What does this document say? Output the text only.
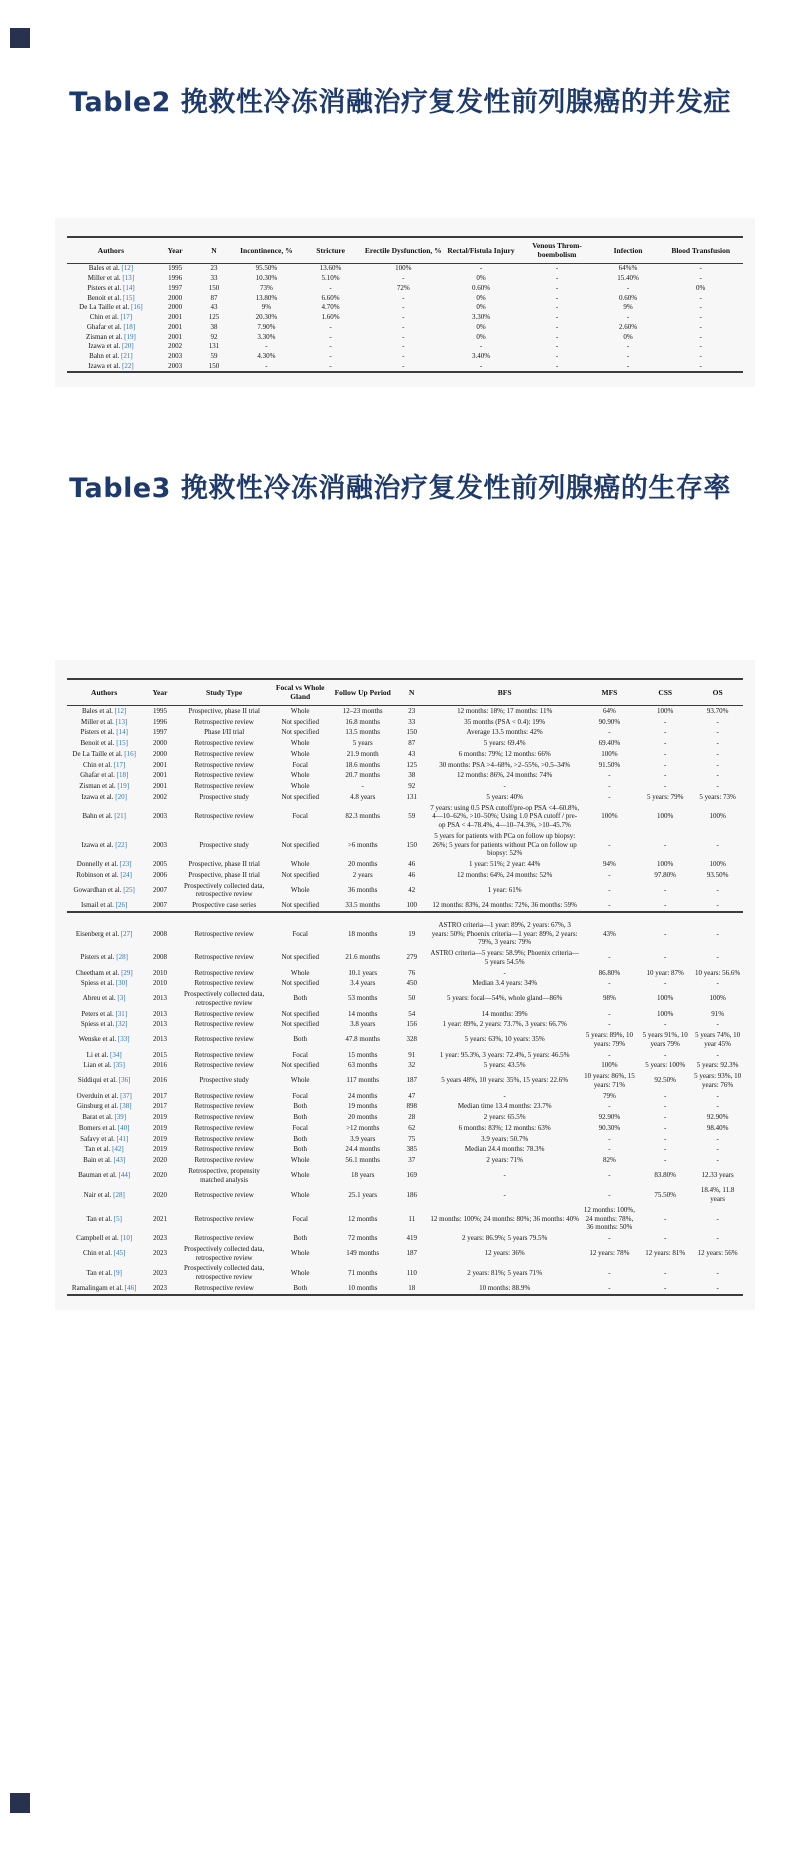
Table2 挽救性冷冻消融治疗复发性前列腺癌的并发症
Authors	Year	N	Incontinence, %	Stricture	Erectile Dysfunction, %	Rectal/Fistula Injury	Venous Throm-boembolism	Infection	Blood Transfusion
Bales et al. [12]	1995	23	95.50%	13.60%	100%	-	-	64%%	-
Miller et al. [13]	1996	33	10.30%	5.10%	-	0%	-	15.40%	-
Pisters et al. [14]	1997	150	73%	-	72%	0.60%	-	-	0%
Benoit et al. [15]	2000	87	13.80%	6.60%	-	0%	-	0.60%	-
De La Taille et al. [16]	2000	43	9%	4.70%	-	0%	-	9%	-
Chin et al. [17]	2001	125	20.30%	1.60%	-	3.30%	-	-	-
Ghafar et al. [18]	2001	38	7.90%	-	-	0%	-	2.60%	-
Zisman et al. [19]	2001	92	3.30%	-	-	0%	-	0%	-
Izawa et al. [20]	2002	131	-	-	-	-	-	-	-
Bahn et al. [21]	2003	59	4.30%	-	-	3.40%	-	-	-
Izawa et al. [22]	2003	150	-	-	-	-	-	-	-
Table3 挽救性冷冻消融治疗复发性前列腺癌的生存率
Authors	Year	Study Type	Focal vs Whole Gland	Follow Up Period	N	BFS	MFS	CSS	OS
Bales et al. [12]	1995	Prospective, phase II trial	Whole	12–23 months	23	12 months: 18%; 17 months: 11%	64%	100%	93.70%
Miller et al. [13]	1996	Retrospective review	Not specified	16.8 months	33	35 months (PSA < 0.4): 19%	90.90%	-	-
Pisters et al. [14]	1997	Phase I/II trial	Not specified	13.5 months	150	Average 13.5 months: 42%	-	-	-
Benoit et al. [15]	2000	Retrospective review	Whole	5 years	87	5 years: 69.4%	69.40%	-	-
De La Taille et al. [16]	2000	Retrospective review	Whole	21.9 month	43	6 months: 79%; 12 months: 66%	100%	-	-
Chin et al. [17]	2001	Retrospective review	Focal	18.6 months	125	30 months: PSA >4–68%, >2–55%, >0.5–34%	91.50%	-	-
Ghafar et al. [18]	2001	Retrospective review	Whole	20.7 months	38	12 months: 86%, 24 months: 74%	-	-	-
Zisman et al. [19]	2001	Retrospective review	Whole	-	92	-	-	-	-
Izawa et al. [20]	2002	Prospective study	Not specified	4.8 years	131	5 years: 40%	-	5 years: 79%	5 years: 73%
Bahn et al. [21]	2003	Retrospective review	Focal	82.3 months	59	7 years: using 0.5 PSA cutoff/pre-op PSA <4–60.8%, 4—10–62%, >10–50%; Using 1.0 PSA cutoff / pre-op PSA < 4–78.4%, 4—10–74.3%, >10–45.7%	100%	100%	100%
Izawa et al. [22]	2003	Prospective study	Not specified	>6 months	150	5 years for patients with PCa on follow up biopsy: 26%; 5 years for patients without PCa on follow up biopsy: 52%	-	-	-
Donnelly et al. [23]	2005	Prospective, phase II trial	Whole	20 months	46	1 year: 51%; 2 year: 44%	94%	100%	100%
Robinson et al. [24]	2006	Prospective, phase II trial	Not specified	2 years	46	12 months: 64%, 24 months: 52%	-	97.80%	93.50%
Gowardhan et al. [25]	2007	Prospectively collected data, retrospective review	Whole	36 months	42	1 year: 61%	-	-	-
Ismail et al. [26]	2007	Prospective case series	Not specified	33.5 months	100	12 months: 83%, 24 months: 72%, 36 months: 59%	-	-	-

Eisenberg et al. [27]	2008	Retrospective review	Focal	18 months	19	ASTRO criteria—1 year: 89%, 2 years: 67%, 3 years: 50%; Phoenix criteria—1 year: 89%, 2 years: 79%, 3 years: 79%	43%	-	-
Pisters et al. [28]	2008	Retrospective review	Not specified	21.6 months	279	ASTRO criteria—5 years: 58.9%; Phoenix criteria—5 years 54.5%	-	-	-
Cheetham et al. [29]	2010	Retrospective review	Whole	10.1 years	76	-	86.80%	10 year: 87%	10 years: 56.6%
Spiess et al. [30]	2010	Retrospective review	Not specified	3.4 years	450	Median 3.4 years: 34%	-	-	-
Abreu et al. [3]	2013	Prospectively collected data, retrospective review	Both	53 months	50	5 years: focal—54%, whole gland—86%	98%	100%	100%
Peters et al. [31]	2013	Retrospective review	Not specified	14 months	54	14 months: 39%	-	100%	91%
Spiess et al. [32]	2013	Retrospective review	Not specified	3.8 years	156	1 year: 89%, 2 years: 73.7%, 3 years: 66.7%	-	-	-
Wenske et al. [33]	2013	Retrospective review	Both	47.8 months	328	5 years: 63%, 10 years: 35%	5 years: 89%, 10 years: 79%	5 years 91%, 10 years 79%	5 years 74%, 10 year 45%
Li et al. [34]	2015	Retrospective review	Focal	15 months	91	1 year: 95.3%, 3 years: 72.4%, 5 years: 46.5%	-	-	-
Lian et al. [35]	2016	Retrospective review	Not specified	63 months	32	5 years: 43.5%	100%	5 years: 100%	5 years: 92.3%
Siddiqui et al. [36]	2016	Prospective study	Whole	117 months	187	5 years 48%, 10 years: 35%, 15 years: 22.6%	10 years: 86%, 15 years: 71%	92.50%	5 years: 93%, 10 years: 76%
Overduin et al. [37]	2017	Retrospective review	Focal	24 months	47	-	79%	-	-
Ginsburg et al. [38]	2017	Retrospective review	Both	19 months	898	Median time 13.4 months: 23.7%	-	-	-
Barat et al. [39]	2019	Retrospective review	Both	20 months	28	2 years: 65.5%	92.90%	-	92.90%
Bomers et al. [40]	2019	Retrospective review	Focal	>12 months	62	6 months: 83%; 12 months: 63%	90.30%	-	98.40%
Safavy et al. [41]	2019	Retrospective review	Both	3.9 years	75	3.9 years: 50.7%	-	-	-
Tan et al. [42]	2019	Retrospective review	Both	24.4 months	385	Median 24.4 months: 78.3%	-	-	-
Bain et al. [43]	2020	Retrospective review	Whole	56.1 months	37	2 years: 71%	82%	-	-
Bauman et al. [44]	2020	Retrospective, propensity matched analysis	Whole	18 years	169	-	-	83.80%	12.33 years
Nair et al. [28]	2020	Retrospective review	Whole	25.1 years	186	-	-	75.50%	18.4%, 11.8 years
Tan et al. [5]	2021	Retrospective review	Focal	12 months	11	12 months: 100%; 24 months: 80%; 36 months: 40%	12 months: 100%, 24 months: 78%, 36 months: 50%	-	-
Campbell et al. [10]	2023	Retrospective review	Both	72 months	419	2 years: 86.9%; 5 years 79.5%	-	-	-
Chin et al. [45]	2023	Prospectively collected data, retrospective review	Whole	149 months	187	12 years: 36%	12 years: 78%	12 years: 81%	12 years: 56%
Tan et al. [9]	2023	Prospectively collected data, retrospective review	Whole	71 months	110	2 years: 81%; 5 years 71%	-	-	-
Ramalingam et al. [46]	2023	Retrospective review	Both	10 months	18	10 months: 88.9%	-	-	-
